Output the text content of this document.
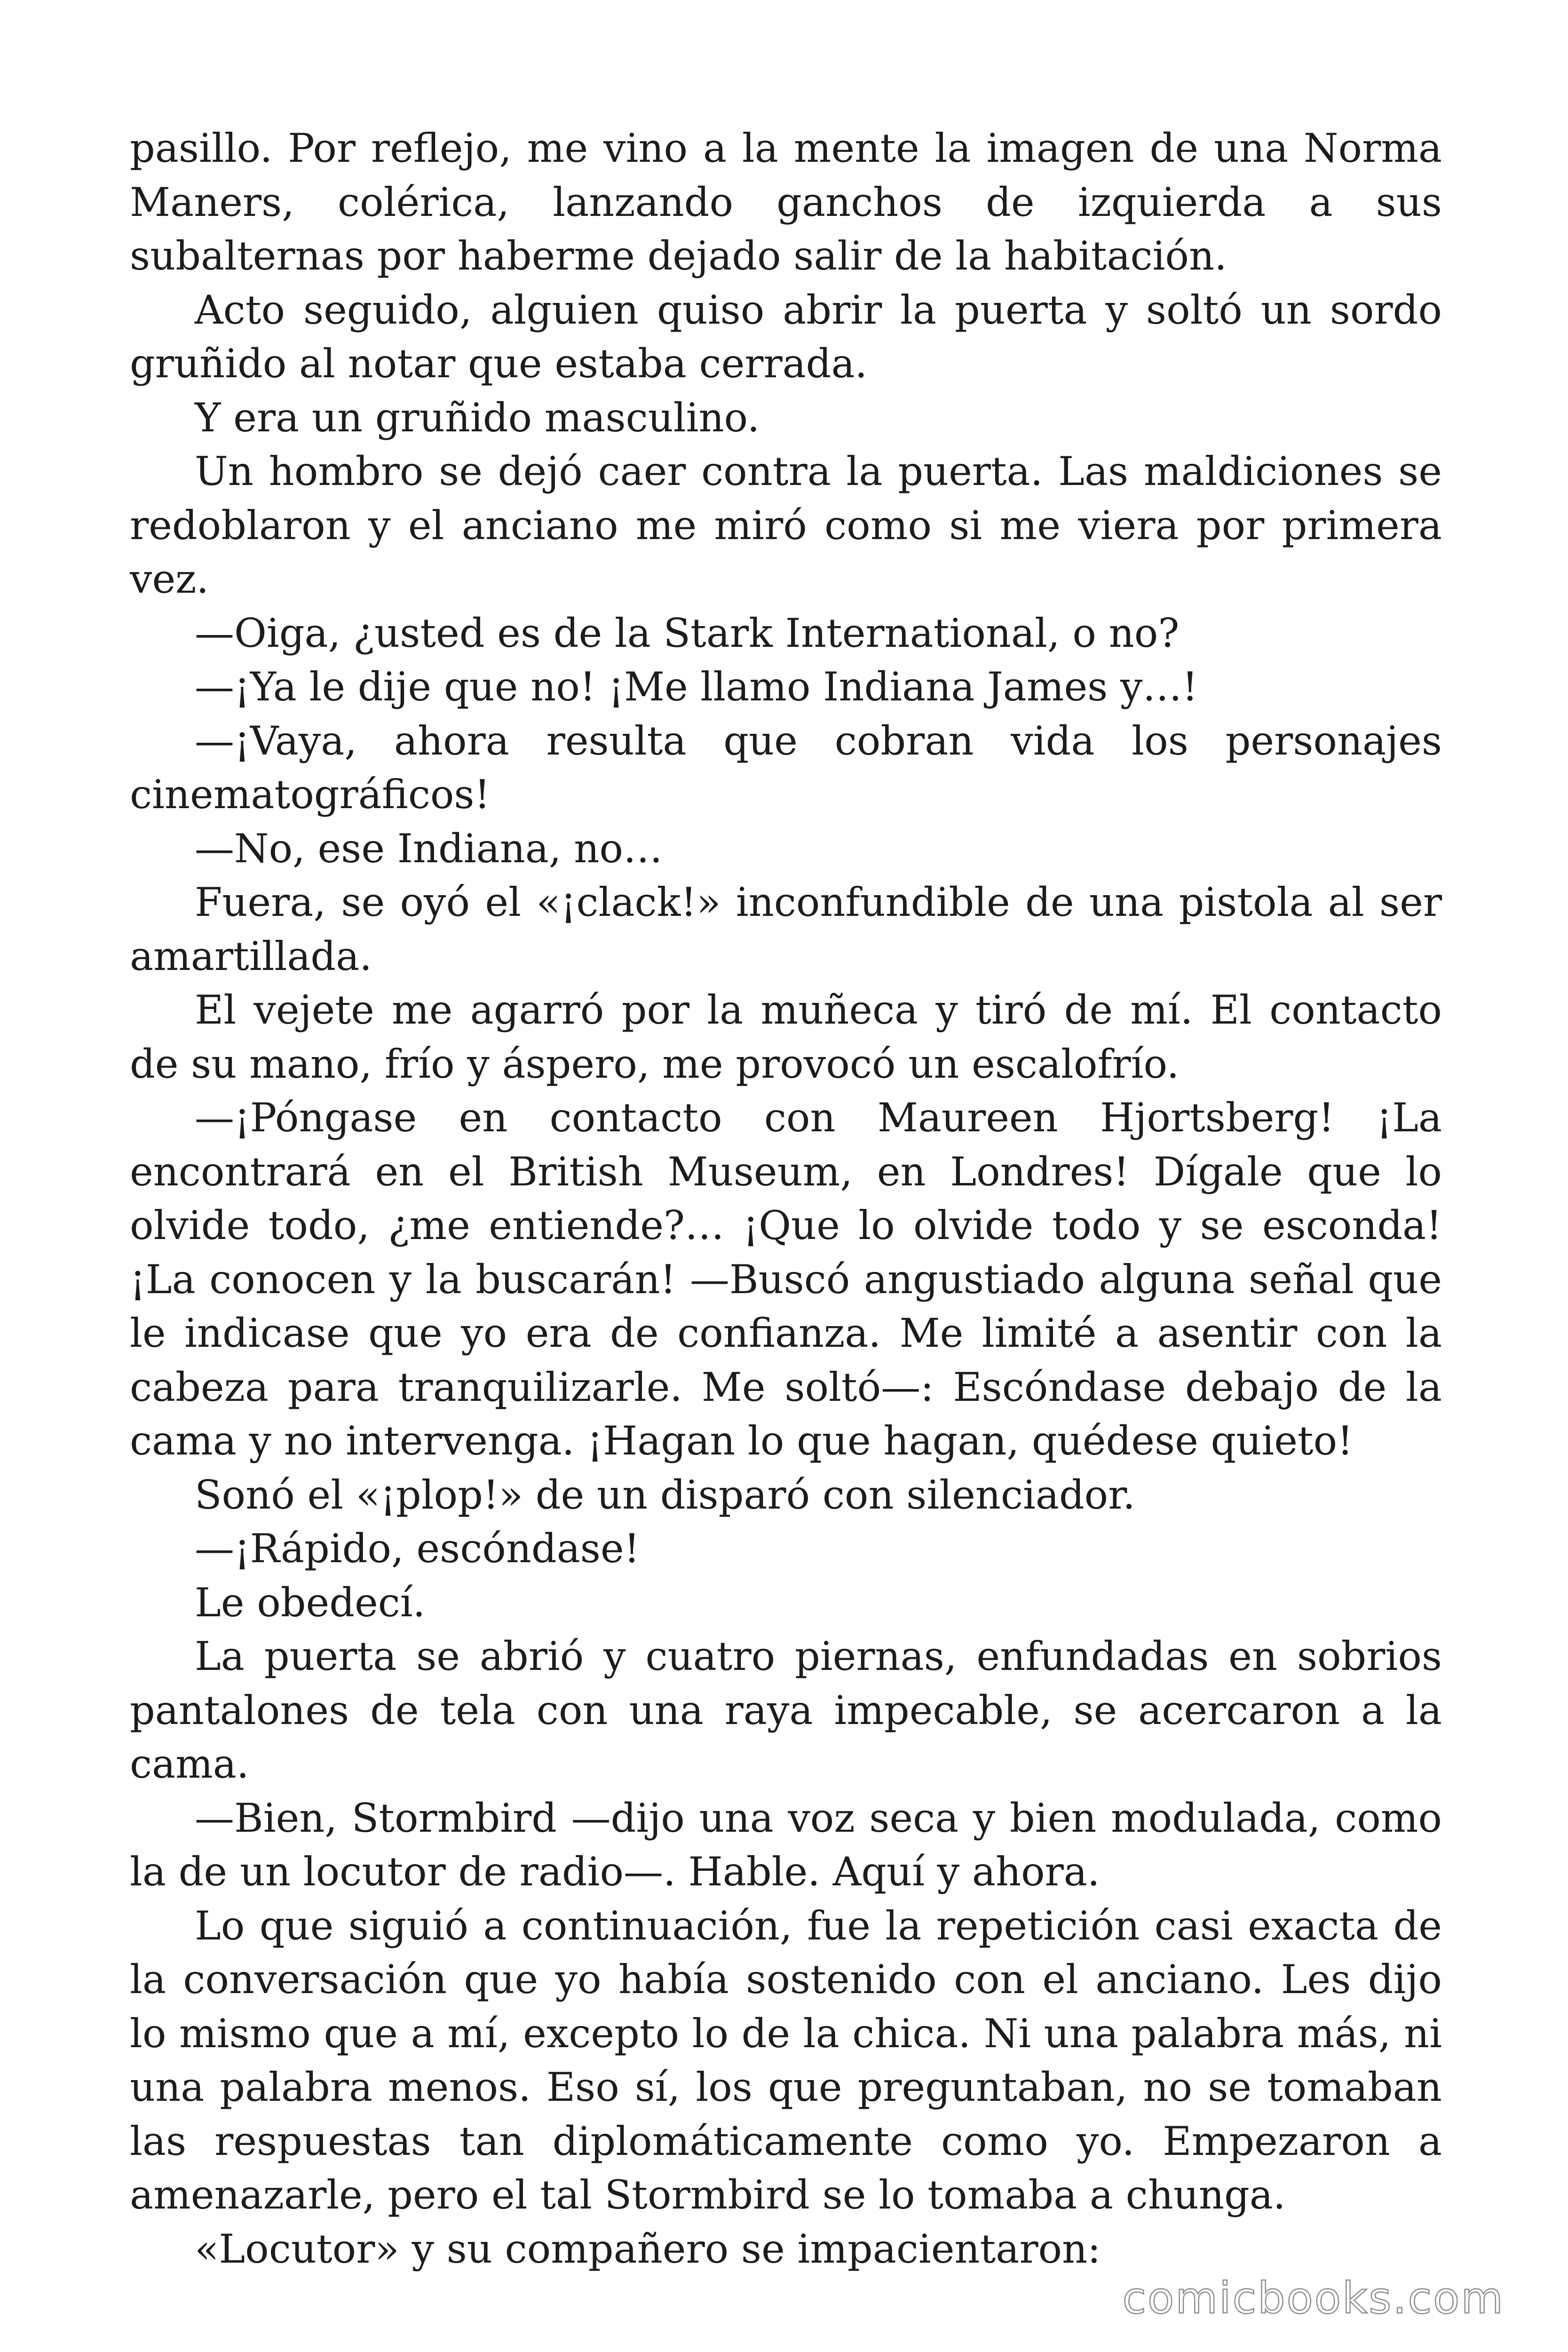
pasillo. Por reflejo, me vino a la mente la imagen de una Norma Maners, colérica, lanzando ganchos de izquierda a sus subalternas por haberme dejado salir de la habitación.

Acto seguido, alguien quiso abrir la puerta y soltó un sordo gruñido al notar que estaba cerrada.

Y era un gruñido masculino.

Un hombro se dejó caer contra la puerta. Las maldiciones se redoblaron y el anciano me miró como si me viera por primera vez.

—Oiga, ¿usted es de la Stark International, o no?

—¡Ya le dije que no! ¡Me llamo Indiana James y…!

—¡Vaya, ahora resulta que cobran vida los personajes cinematográficos!

—No, ese Indiana, no…

Fuera, se oyó el «¡clack!» inconfundible de una pistola al ser amartillada.

El vejete me agarró por la muñeca y tiró de mí. El contacto de su mano, frío y áspero, me provocó un escalofrío.

—¡Póngase en contacto con Maureen Hjortsberg! ¡La encontrará en el British Museum, en Londres! Dígale que lo olvide todo, ¿me entiende?… ¡Que lo olvide todo y se esconda! ¡La conocen y la buscarán! —Buscó angustiado alguna señal que le indicase que yo era de confianza. Me limité a asentir con la cabeza para tranquilizarle. Me soltó—: Escóndase debajo de la cama y no intervenga. ¡Hagan lo que hagan, quédese quieto!

Sonó el «¡plop!» de un disparó con silenciador.

—¡Rápido, escóndase!

Le obedecí.

La puerta se abrió y cuatro piernas, enfundadas en sobrios pantalones de tela con una raya impecable, se acercaron a la cama.

—Bien, Stormbird —dijo una voz seca y bien modulada, como la de un locutor de radio—. Hable. Aquí y ahora.

Lo que siguió a continuación, fue la repetición casi exacta de la conversación que yo había sostenido con el anciano. Les dijo lo mismo que a mí, excepto lo de la chica. Ni una palabra más, ni una palabra menos. Eso sí, los que preguntaban, no se tomaban las respuestas tan diplomáticamente como yo. Empezaron a amenazarle, pero el tal Stormbird se lo tomaba a chunga.

«Locutor» y su compañero se impacientaron:

comicbooks.com
